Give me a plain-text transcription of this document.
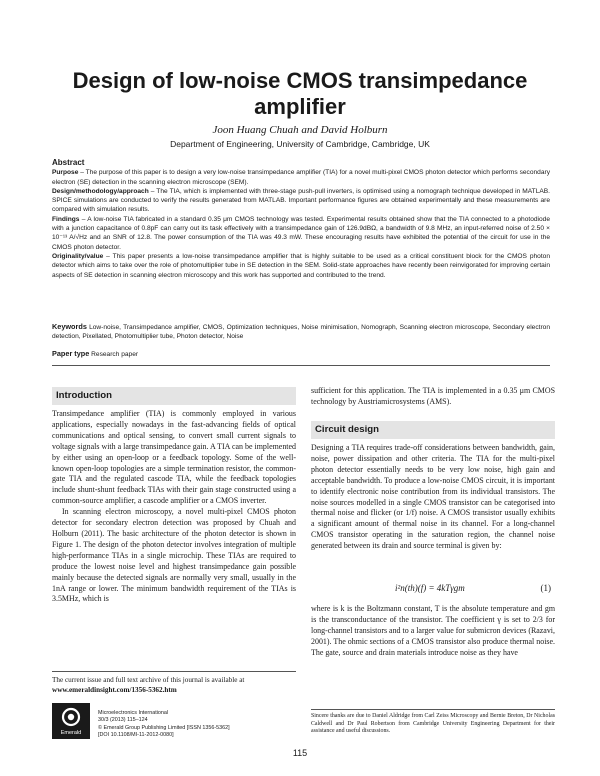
Design of low-noise CMOS transimpedance amplifier
Joon Huang Chuah and David Holburn
Department of Engineering, University of Cambridge, Cambridge, UK
Abstract

Purpose – The purpose of this paper is to design a very low-noise transimpedance amplifier (TIA) for a novel multi-pixel CMOS photon detector which performs secondary electron (SE) detection in the scanning electron microscope (SEM).

Design/methodology/approach – The TIA, which is implemented with three-stage push-pull inverters, is optimised using a nomograph technique developed in MATLAB. SPICE simulations are conducted to verify the results generated from MATLAB. Important performance figures are obtained experimentally and these measurements are compared with simulation results.

Findings – A low-noise TIA fabricated in a standard 0.35 μm CMOS technology was tested. Experimental results obtained show that the TIA connected to a photodiode with a junction capacitance of 0.8pF can carry out its task effectively with a transimpedance gain of 126.9dBΩ, a bandwidth of 9.8 MHz, an input-referred noise of 2.50 × 10⁻¹³ A/√Hz and an SNR of 12.8. The power consumption of the TIA was 49.3 mW. These encouraging results have exhibited the potential of the circuit for use in the CMOS photon detector.

Originality/value – This paper presents a low-noise transimpedance amplifier that is highly suitable to be used as a critical constituent block for the CMOS photon detector which aims to take over the role of photomultiplier tube in SE detection in the SEM. Solid-state approaches have recently been reinvigorated for improving certain aspects of SE detection in scanning electron microscopy and this work has supported and contributed to the trend.

Keywords Low-noise, Transimpedance amplifier, CMOS, Optimization techniques, Noise minimisation, Nomograph, Scanning electron microscope, Secondary electron detection, Pixellated, Photomultiplier tube, Photon detector, Noise
Paper type Research paper
Introduction

Transimpedance amplifier (TIA) is commonly employed in various applications, especially nowadays in the fast-advancing fields of optical communications and optical sensing, to convert small current signals to voltage signals with a large transimpedance gain. A TIA can be implemented by either using an open-loop or a feedback topology. Some of the well-known open-loop topologies are a simple termination resistor, the common-gate TIA and the regulated cascode TIA, while the feedback topologies include shunt-shunt feedback TIAs with their gain stage constructed using a common-source amplifier, a cascode amplifier or a CMOS inverter.

In scanning electron microscopy, a novel multi-pixel CMOS photon detector for secondary electron detection was proposed by Chuah and Holburn (2011). The basic architecture of the photon detector is shown in Figure 1. The design of the photon detector involves integration of multiple high-performance TIAs in a single microchip. These TIAs are required to produce the lowest noise level and highest transimpedance gain possible mainly because the detected signals are normally very small, usually in the 1nA range or lower. The minimum bandwidth requirement of the TIAs is 3.5MHz, which is

The current issue and full text archive of this journal is available at
www.emeraldinsight.com/1356-5362.htm
Emerald
Microelectronics International
30/3 (2013) 115–124
© Emerald Group Publishing Limited [ISSN 1356-5362]
[DOI 10.1108/MI-11-2012-0080]

sufficient for this application. The TIA is implemented in a 0.35 μm CMOS technology by Austriamicrosystems (AMS).

Circuit design

Designing a TIA requires trade-off considerations between bandwidth, gain, noise, power dissipation and other criteria. The TIA for the multi-pixel photon detector essentially needs to be very low noise, high gain and acceptable bandwidth. To produce a low-noise CMOS circuit, it is important to identify electronic noise contribution from its individual transistors. The noise sources modelled in a single CMOS transistor can be categorised into thermal noise and flicker (or 1/f) noise. A CMOS transistor usually exhibits a significant amount of thermal noise in its channel. For a long-channel CMOS transistor operating in the saturation region, the channel noise generated between its drain and source terminal is given by:

i²n(th)(f) = 4kTγgm	(1)

where is k is the Boltzmann constant, T is the absolute temperature and gm is the transconductance of the transistor. The coefficient γ is set to 2/3 for long-channel transistors and to a larger value for submicron devices (Razavi, 2001). The ohmic sections of a CMOS transistor also produce thermal noise. The gate, source and drain materials introduce noise as they have

Sincere thanks are due to Daniel Aldridge from Carl Zeiss Microscopy and Bernie Breton, Dr Nicholas Caldwell and Dr Paul Robertson from Cambridge University Engineering Department for their assistance and useful discussions.
115
